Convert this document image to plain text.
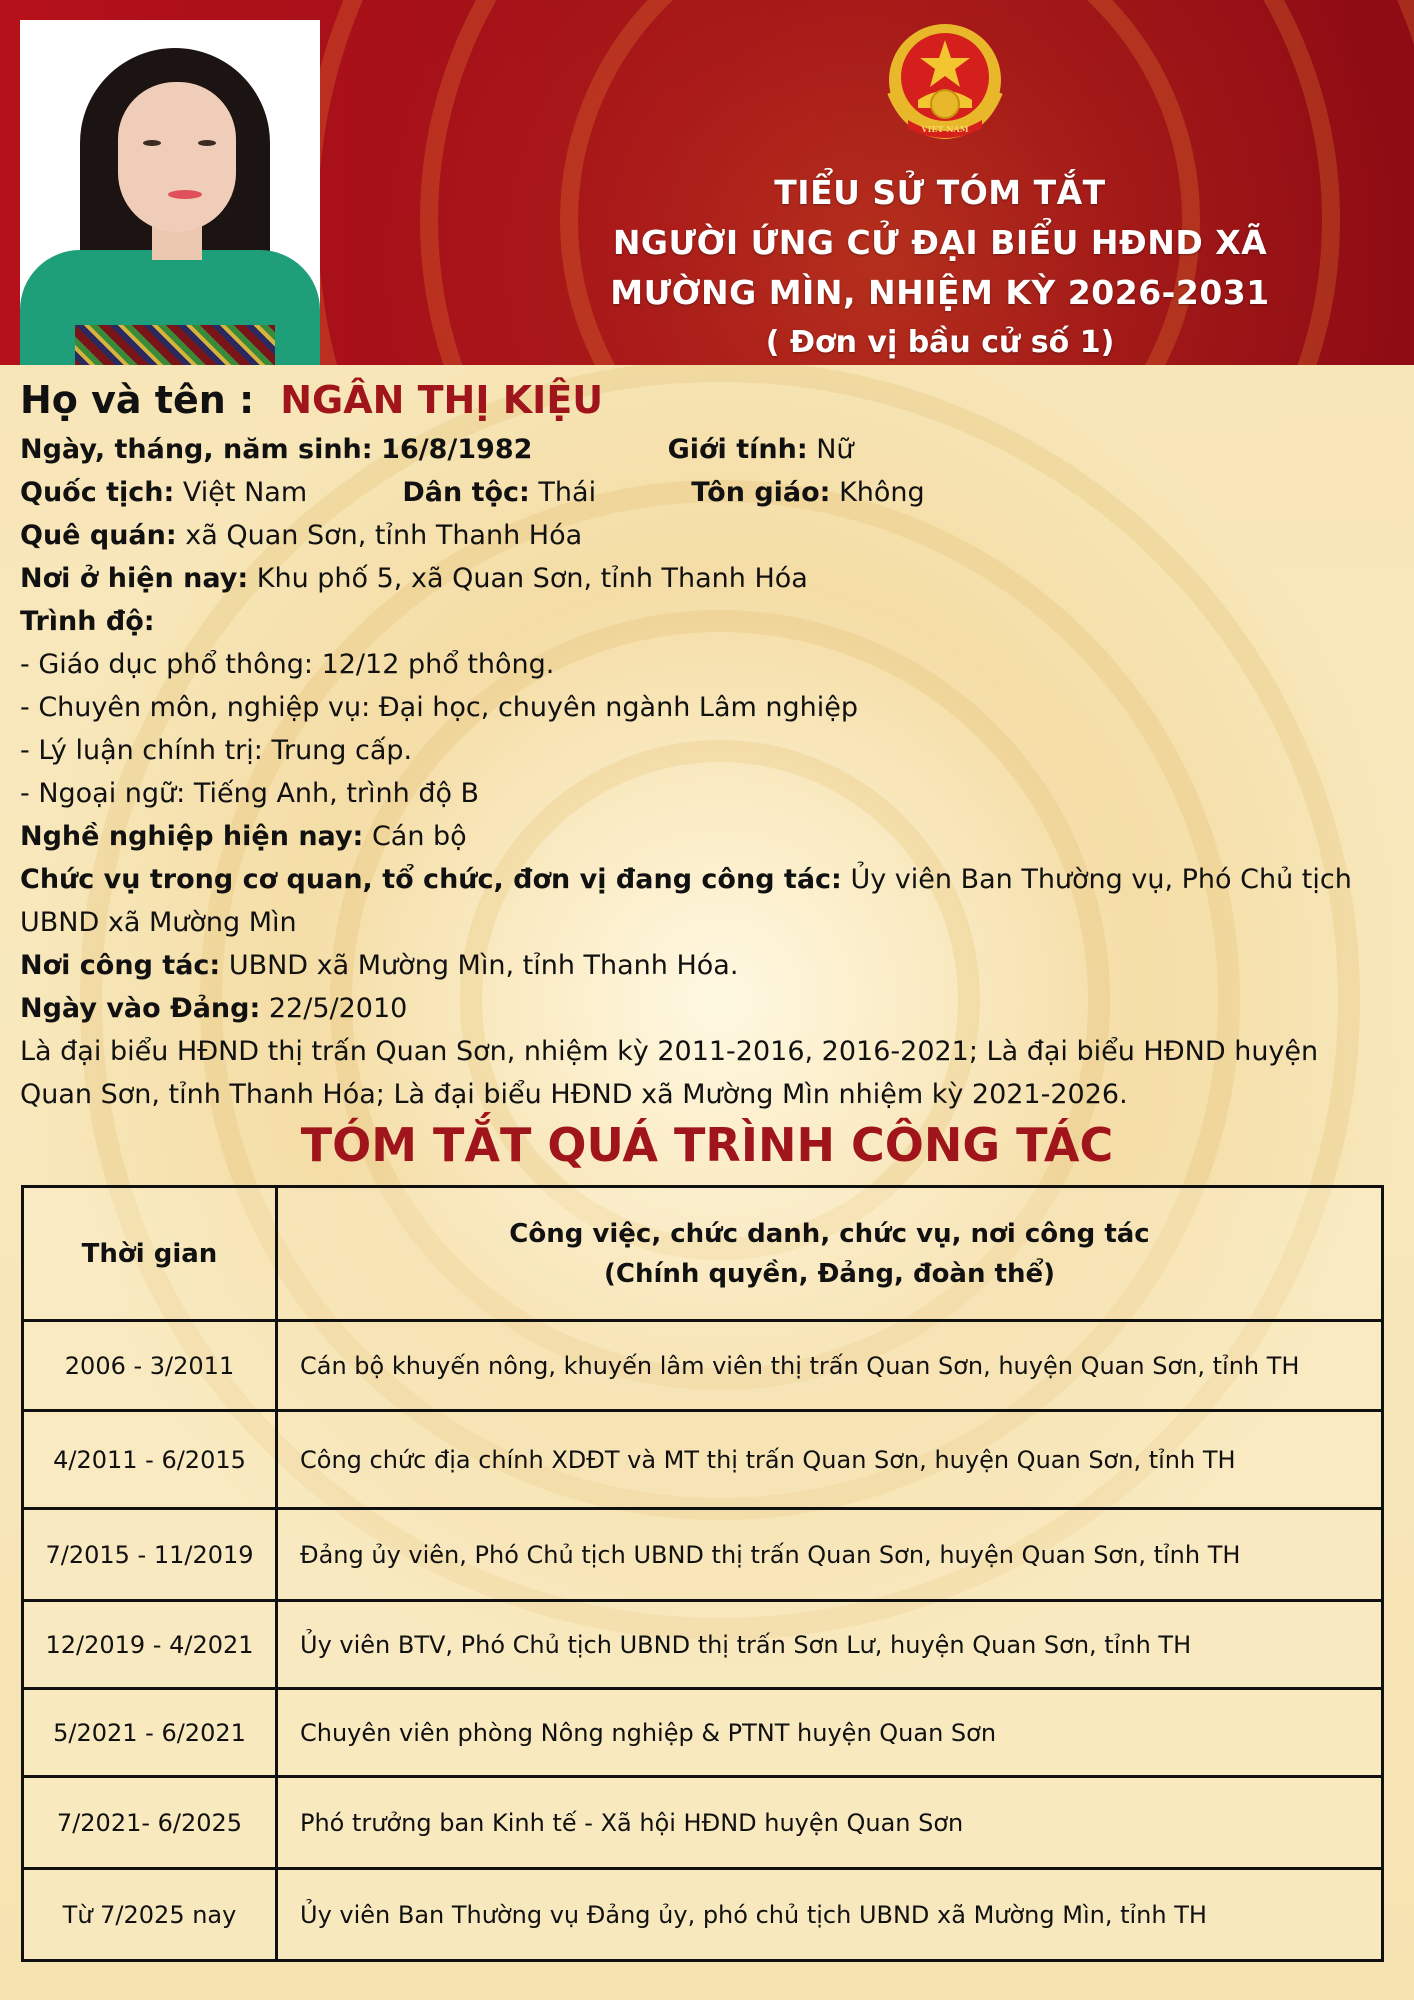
VIET NAM
TIỂU SỬ TÓM TẮT
NGƯỜI ỨNG CỬ ĐẠI BIỂU HĐND XÃ
MƯỜNG MÌN, NHIỆM KỲ 2026-2031
( Đơn vị bầu cử số 1)
Họ và tên : NGÂN THỊ KIỆU
Ngày, tháng, năm sinh: 16/8/1982	Giới tính: Nữ
Quốc tịch: Việt Nam	Dân tộc: Thái	Tôn giáo: Không
Quê quán: xã Quan Sơn, tỉnh Thanh Hóa
Nơi ở hiện nay: Khu phố 5, xã Quan Sơn, tỉnh Thanh Hóa
Trình độ:
- Giáo dục phổ thông: 12/12 phổ thông.
- Chuyên môn, nghiệp vụ: Đại học, chuyên ngành Lâm nghiệp
- Lý luận chính trị: Trung cấp.
- Ngoại ngữ: Tiếng Anh, trình độ B
Nghề nghiệp hiện nay: Cán bộ
Chức vụ trong cơ quan, tổ chức, đơn vị đang công tác: Ủy viên Ban Thường vụ, Phó Chủ tịch UBND xã Mường Mìn
Nơi công tác: UBND xã Mường Mìn, tỉnh Thanh Hóa.
Ngày vào Đảng: 22/5/2010
Là đại biểu HĐND thị trấn Quan Sơn, nhiệm kỳ 2011-2016, 2016-2021; Là đại biểu HĐND huyện Quan Sơn, tỉnh Thanh Hóa; Là đại biểu HĐND xã Mường Mìn nhiệm kỳ 2021-2026.
TÓM TẮT QUÁ TRÌNH CÔNG TÁC
Thời gian	Công việc, chức danh, chức vụ, nơi công tác
(Chính quyền, Đảng, đoàn thể)

2006 - 3/2011	Cán bộ khuyến nông, khuyến lâm viên thị trấn Quan Sơn, huyện Quan Sơn, tỉnh TH
4/2011 - 6/2015	Công chức địa chính XDĐT và MT thị trấn Quan Sơn, huyện Quan Sơn, tỉnh TH
7/2015 - 11/2019	Đảng ủy viên, Phó Chủ tịch UBND thị trấn Quan Sơn, huyện Quan Sơn, tỉnh TH
12/2019 - 4/2021	Ủy viên BTV, Phó Chủ tịch UBND thị trấn Sơn Lư, huyện Quan Sơn, tỉnh TH
5/2021 - 6/2021	Chuyên viên phòng Nông nghiệp & PTNT huyện Quan Sơn
7/2021- 6/2025	Phó trưởng ban Kinh tế - Xã hội HĐND huyện Quan Sơn
Từ 7/2025 nay	Ủy viên Ban Thường vụ Đảng ủy, phó chủ tịch UBND xã Mường Mìn, tỉnh TH
